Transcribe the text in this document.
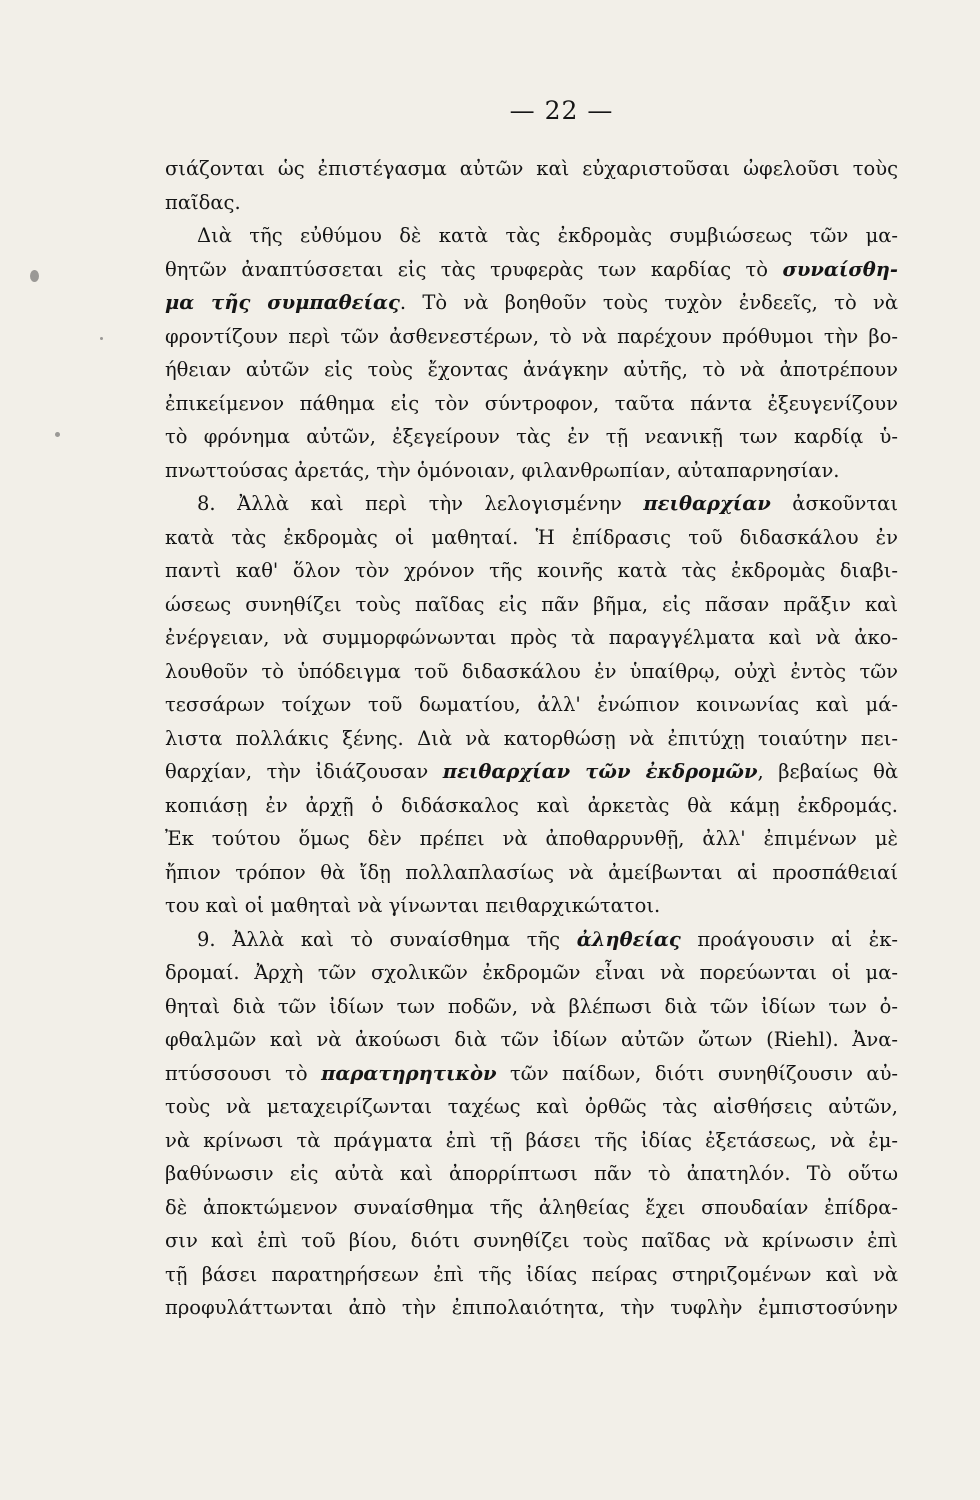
— 22 —
σιάζονται ὡς ἐπιστέγασμα αὐτῶν καὶ εὐχαριστοῦσαι ὠφελοῦσι τοὺς
παῖδας.
Διὰ τῆς εὐθύμου δὲ κατὰ τὰς ἐκδρομὰς συμβιώσεως τῶν μα-
θητῶν ἀναπτύσσεται εἰς τὰς τρυφερὰς των καρδίας τὸ συναίσθη-
μα τῆς συμπαθείας. Τὸ νὰ βοηθοῦν τοὺς τυχὸν ἐνδεεῖς, τὸ νὰ
φροντίζουν περὶ τῶν ἀσθενεστέρων, τὸ νὰ παρέχουν πρόθυμοι τὴν βο-
ήθειαν αὐτῶν εἰς τοὺς ἔχοντας ἀνάγκην αὐτῆς, τὸ νὰ ἀποτρέπουν
ἐπικείμενον πάθημα εἰς τὸν σύντροφον, ταῦτα πάντα ἐξευγενίζουν
τὸ φρόνημα αὐτῶν, ἐξεγείρουν τὰς ἐν τῇ νεανικῇ των καρδίᾳ ὑ-
πνωττούσας ἀρετάς, τὴν ὁμόνοιαν, φιλανθρωπίαν, αὐταπαρνησίαν.
8. Ἀλλὰ καὶ περὶ τὴν λελογισμένην πειθαρχίαν ἀσκοῦνται
κατὰ τὰς ἐκδρομὰς οἱ μαθηταί. Ἡ ἐπίδρασις τοῦ διδασκάλου ἐν
παντὶ καθ' ὅλον τὸν χρόνον τῆς κοινῆς κατὰ τὰς ἐκδρομὰς διαβι-
ώσεως συνηθίζει τοὺς παῖδας εἰς πᾶν βῆμα, εἰς πᾶσαν πρᾶξιν καὶ
ἐνέργειαν, νὰ συμμορφώνωνται πρὸς τὰ παραγγέλματα καὶ νὰ ἀκο-
λουθοῦν τὸ ὑπόδειγμα τοῦ διδασκάλου ἐν ὑπαίθρῳ, οὐχὶ ἐντὸς τῶν
τεσσάρων τοίχων τοῦ δωματίου, ἀλλ' ἐνώπιον κοινωνίας καὶ μά-
λιστα πολλάκις ξένης. Διὰ νὰ κατορθώσῃ νὰ ἐπιτύχῃ τοιαύτην πει-
θαρχίαν, τὴν ἰδιάζουσαν πειθαρχίαν τῶν ἐκδρομῶν, βεβαίως θὰ
κοπιάσῃ ἐν ἀρχῇ ὁ διδάσκαλος καὶ ἀρκετὰς θὰ κάμῃ ἐκδρομάς.
Ἐκ τούτου ὅμως δὲν πρέπει νὰ ἀποθαρρυνθῇ, ἀλλ' ἐπιμένων μὲ
ἤπιον τρόπον θὰ ἴδῃ πολλαπλασίως νὰ ἀμείβωνται αἱ προσπάθειαί
του καὶ οἱ μαθηταὶ νὰ γίνωνται πειθαρχικώτατοι.
9. Ἀλλὰ καὶ τὸ συναίσθημα τῆς ἀληθείας προάγουσιν αἱ ἐκ-
δρομαί. Ἀρχὴ τῶν σχολικῶν ἐκδρομῶν εἶναι νὰ πορεύωνται οἱ μα-
θηταὶ διὰ τῶν ἰδίων των ποδῶν, νὰ βλέπωσι διὰ τῶν ἰδίων των ὀ-
φθαλμῶν καὶ νὰ ἀκούωσι διὰ τῶν ἰδίων αὐτῶν ὤτων (Riehl). Ἀνα-
πτύσσουσι τὸ παρατηρητικὸν τῶν παίδων, διότι συνηθίζουσιν αὐ-
τοὺς νὰ μεταχειρίζωνται ταχέως καὶ ὀρθῶς τὰς αἰσθήσεις αὐτῶν,
νὰ κρίνωσι τὰ πράγματα ἐπὶ τῇ βάσει τῆς ἰδίας ἐξετάσεως, νὰ ἐμ-
βαθύνωσιν εἰς αὐτὰ καὶ ἀπορρίπτωσι πᾶν τὸ ἀπατηλόν. Τὸ οὕτω
δὲ ἀποκτώμενον συναίσθημα τῆς ἀληθείας ἔχει σπουδαίαν ἐπίδρα-
σιν καὶ ἐπὶ τοῦ βίου, διότι συνηθίζει τοὺς παῖδας νὰ κρίνωσιν ἐπὶ
τῇ βάσει παρατηρήσεων ἐπὶ τῆς ἰδίας πείρας στηριζομένων καὶ νὰ
προφυλάττωνται ἀπὸ τὴν ἐπιπολαιότητα, τὴν τυφλὴν ἐμπιστοσύνην
